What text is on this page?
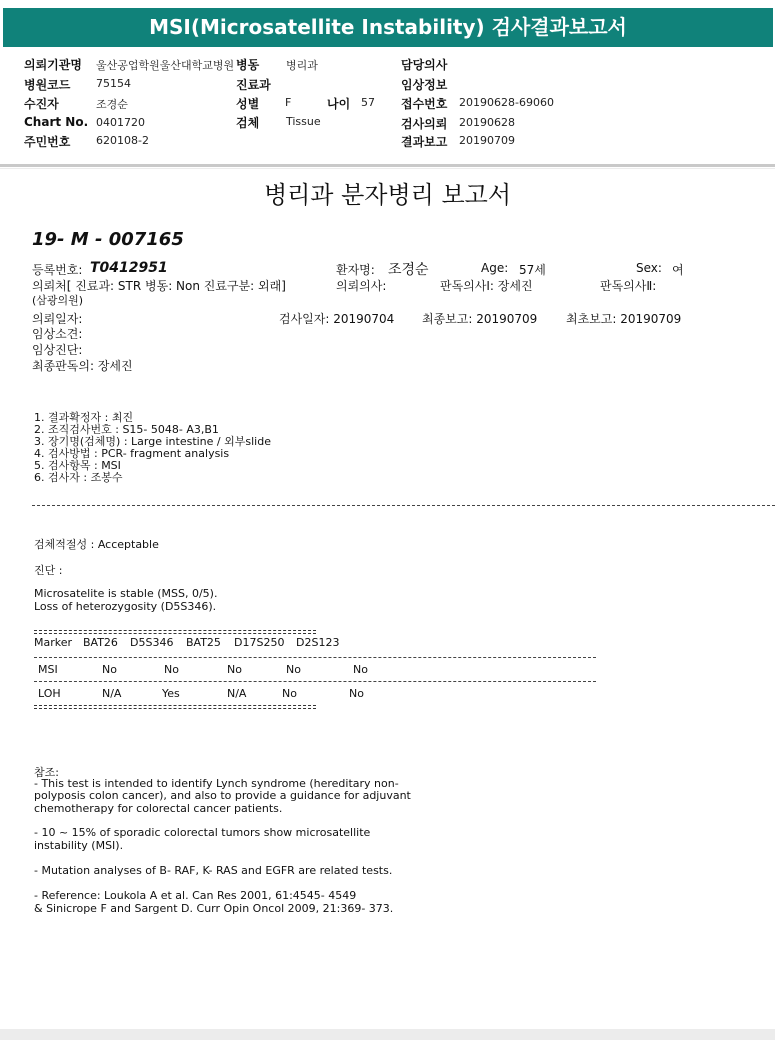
MSI(Microsatellite Instability) 검사결과보고서
의뢰기관명 울산공업학원울산대학교병원 병동 병리과	담당의사
병원코드 75154	진료과	임상정보
수진자	조경순	성별 F	나이 57 접수번호 20190628-69060
Chart No. 0401720	검체 Tissue	검사의뢰 20190628
주민번호 620108-2	결과보고 20190709
병리과 분자병리 보고서
19- M - 007165
등록번호: T0412951	환자명: 조경순	Age: 57세	Sex: 여
의뢰처[ 진료과: STR 병동: Non 진료구분: 외래]	의뢰의사:	판독의사Ⅰ: 장세진	판독의사Ⅱ:
(삼광의원)
의뢰일자:	검사일자: 20190704 최종보고: 20190709 최초보고: 20190709
임상소견:
임상진단:
최종판독의: 장세진
1. 결과확정자 : 최진
2. 조직검사번호 : S15- 5048- A3,B1
3. 장기명(검체명) : Large intestine / 외부slide
4. 검사방법 : PCR- fragment analysis
5. 검사항목 : MSI
6. 검사자 : 조봉수
검체적절성 : Acceptable
진단 :
Microsatelite is stable (MSS, 0/5).
Loss of heterozygosity (D5S346).
Marker BAT26 D5S346 BAT25 D17S250 D2S123
MSI	No	No	No	No	No
LOH	N/A	Yes	N/A	No	No
참조:
- This test is intended to identify Lynch syndrome (hereditary non-
polyposis colon cancer), and also to provide a guidance for adjuvant
chemotherapy for colorectal cancer patients.
- 10 ~ 15% of sporadic colorectal tumors show microsatellite
instability (MSI).
- Mutation analyses of B- RAF, K- RAS and EGFR are related tests.
- Reference: Loukola A et al. Can Res 2001, 61:4545- 4549
& Sinicrope F and Sargent D. Curr Opin Oncol 2009, 21:369- 373.
